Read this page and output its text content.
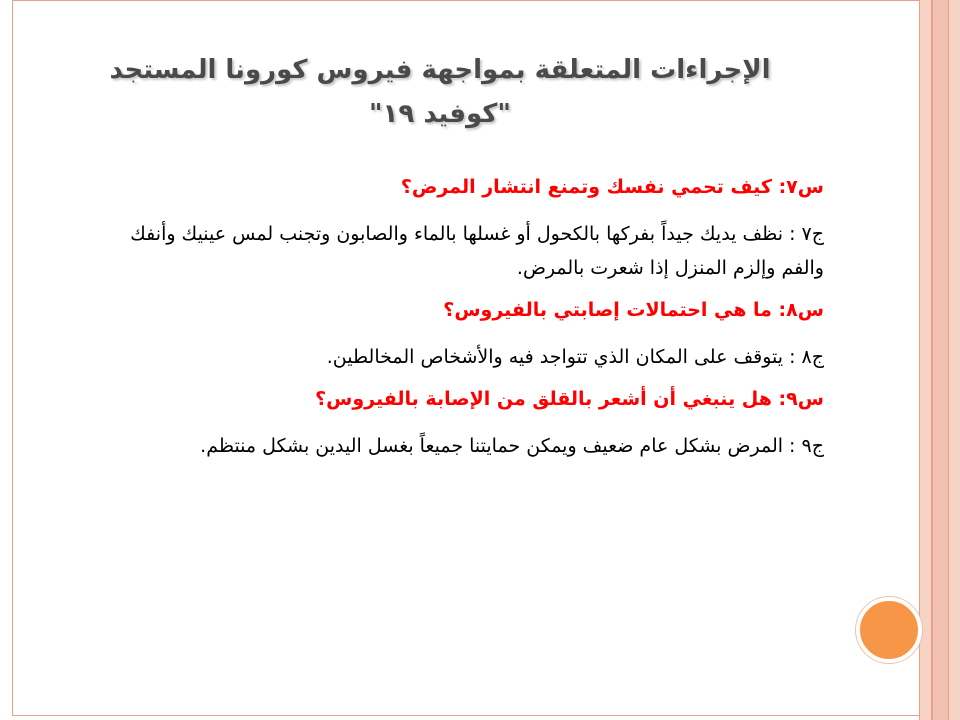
الإجراءات المتعلقة بمواجهة فيروس كورونا المستجد "كوفيد ١٩"
س٧: كيف تحمي نفسك وتمنع انتشار المرض؟
ج٧ : نظف يديك جيداً بفركها بالكحول أو غسلها بالماء والصابون وتجنب لمس عينيك وأنفك والفم وإلزم المنزل إذا شعرت بالمرض.
س٨: ما هي احتمالات إصابتي بالفيروس؟
ج٨ : يتوقف على المكان الذي تتواجد فيه والأشخاص المخالطين.
س٩: هل ينبغي أن أشعر بالقلق من الإصابة بالفيروس؟
ج٩ : المرض بشكل عام ضعيف ويمكن حمايتنا جميعاً بغسل اليدين بشكل منتظم.
